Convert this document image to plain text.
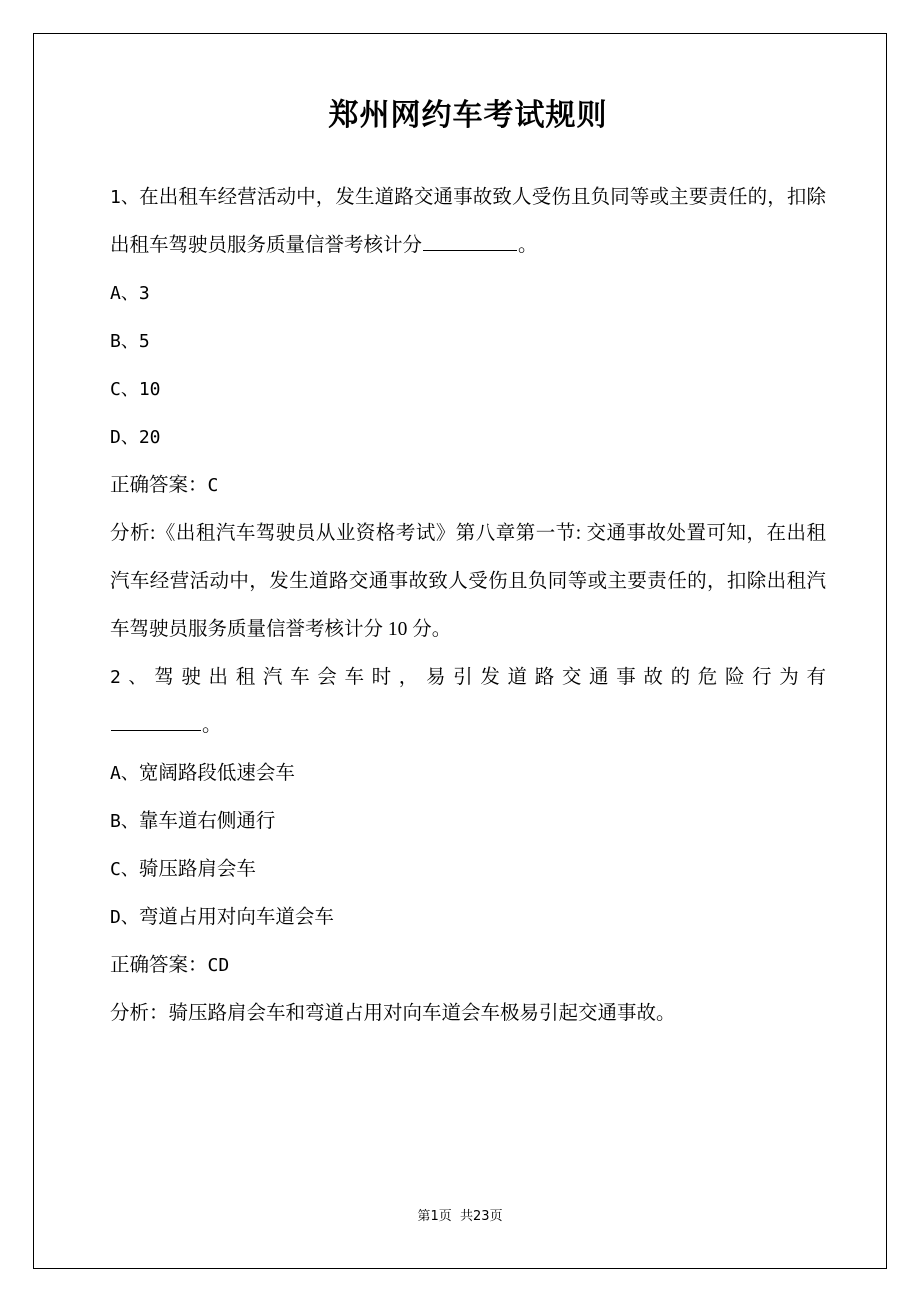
郑州网约车考试规则

1、在出租车经营活动中，发生道路交通事故致人受伤且负同等或主要责任的，扣除出租车驾驶员服务质量信誉考核计分	。

A、3

B、5

C、10

D、20

正确答案：C

分析:《出租汽车驾驶员从业资格考试》第八章第一节: 交通事故处置可知，在出租汽车经营活动中，发生道路交通事故致人受伤且负同等或主要责任的，扣除出租汽车驾驶员服务质量信誉考核计分 10 分。

2、驾驶出租汽车会车时，易引发道路交通事故的危险行为有

。

A、宽阔路段低速会车

B、靠车道右侧通行

C、骑压路肩会车

D、弯道占用对向车道会车

正确答案：CD

分析：骑压路肩会车和弯道占用对向车道会车极易引起交通事故。

第1页 共23页
